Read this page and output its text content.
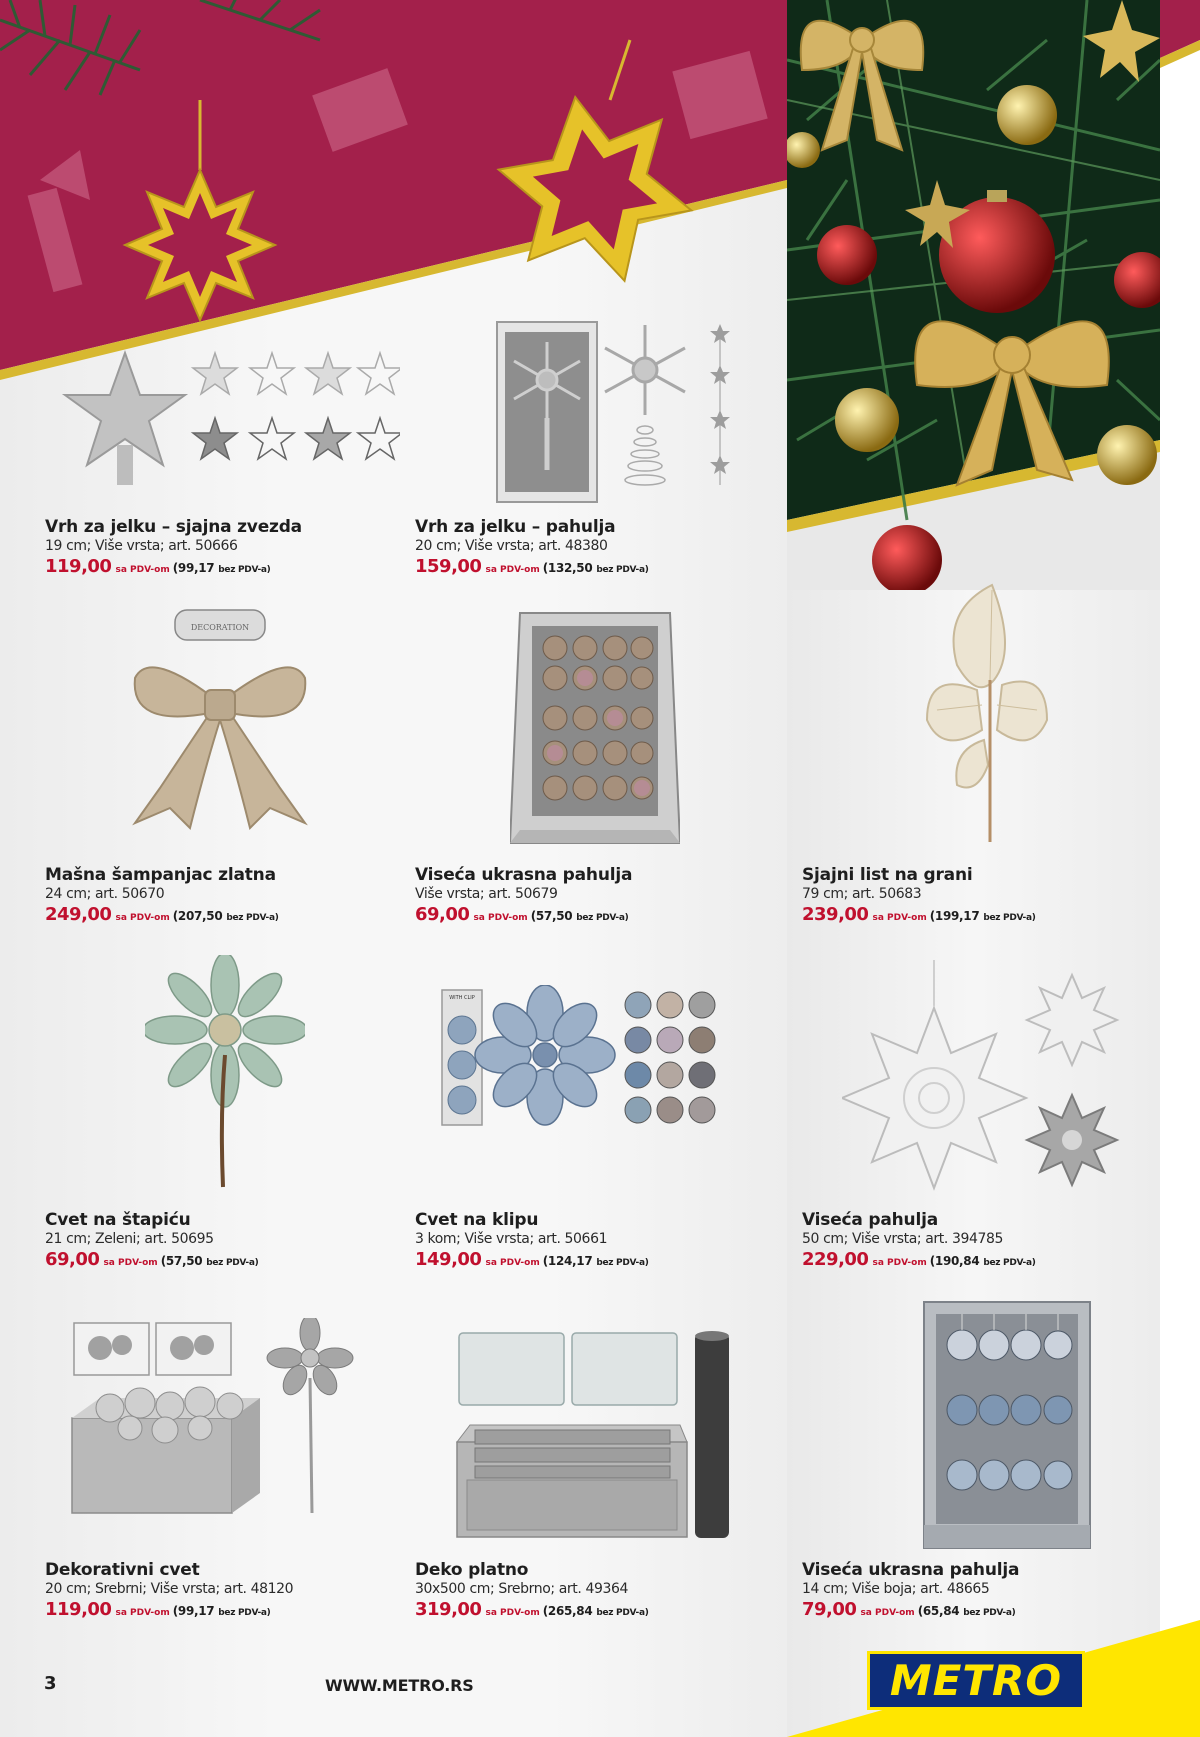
Vrh za jelku – sjajna zvezda
19 cm; Više vrsta; art. 50666
119,00 sa PDV-om (99,17 bez PDV-a)
Vrh za jelku – pahulja
20 cm; Više vrsta; art. 48380
159,00 sa PDV-om (132,50 bez PDV-a)
DECORATION
Mašna šampanjac zlatna
24 cm; art. 50670
249,00 sa PDV-om (207,50 bez PDV-a)
Viseća ukrasna pahulja
Više vrsta; art. 50679
69,00 sa PDV-om (57,50 bez PDV-a)
Sjajni list na grani
79 cm; art. 50683
239,00 sa PDV-om (199,17 bez PDV-a)
Cvet na štapiću
21 cm; Zeleni; art. 50695
69,00 sa PDV-om (57,50 bez PDV-a)
WITH CLIP
Cvet na klipu
3 kom; Više vrsta; art. 50661
149,00 sa PDV-om (124,17 bez PDV-a)
Viseća pahulja
50 cm; Više vrsta; art. 394785
229,00 sa PDV-om (190,84 bez PDV-a)
Dekorativni cvet
20 cm; Srebrni; Više vrsta; art. 48120
119,00 sa PDV-om (99,17 bez PDV-a)
Deko platno
30x500 cm; Srebrno; art. 49364
319,00 sa PDV-om (265,84 bez PDV-a)
Viseća ukrasna pahulja
14 cm; Više boja; art. 48665
79,00 sa PDV-om (65,84 bez PDV-a)
3	WWW.METRO.RS	METRO
